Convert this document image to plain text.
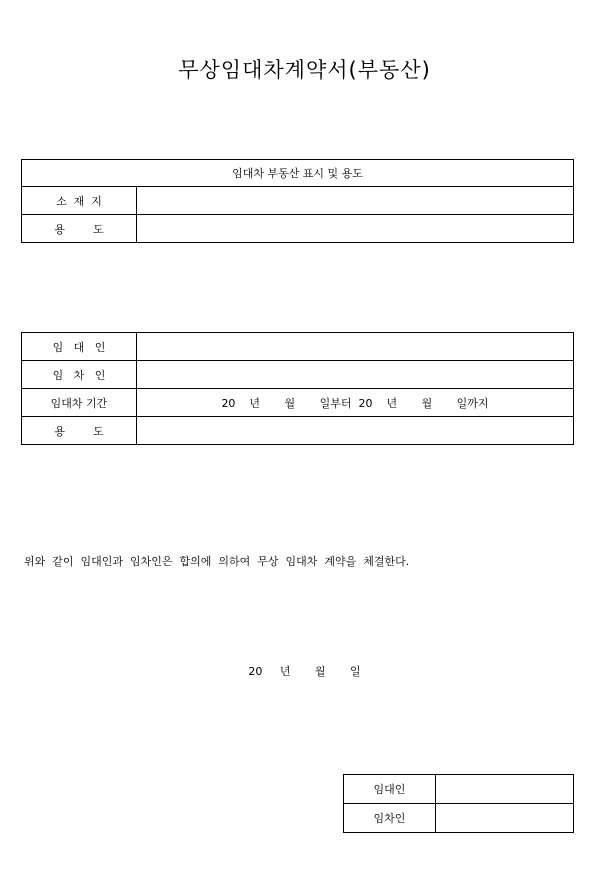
무상임대차계약서(부동산)
임대차 부동산 표시 및 용도	
소  재  지	
용        도	
임   대   인	
임   차   인	
임대차 기간	20    년       월       일부터  20    년       월       일까지
용        도	
위와  같이  임대인과  임차인은  합의에  의하여  무상  임대차  계약을  체결한다.
20     년       월       일
임대인	
임차인	
